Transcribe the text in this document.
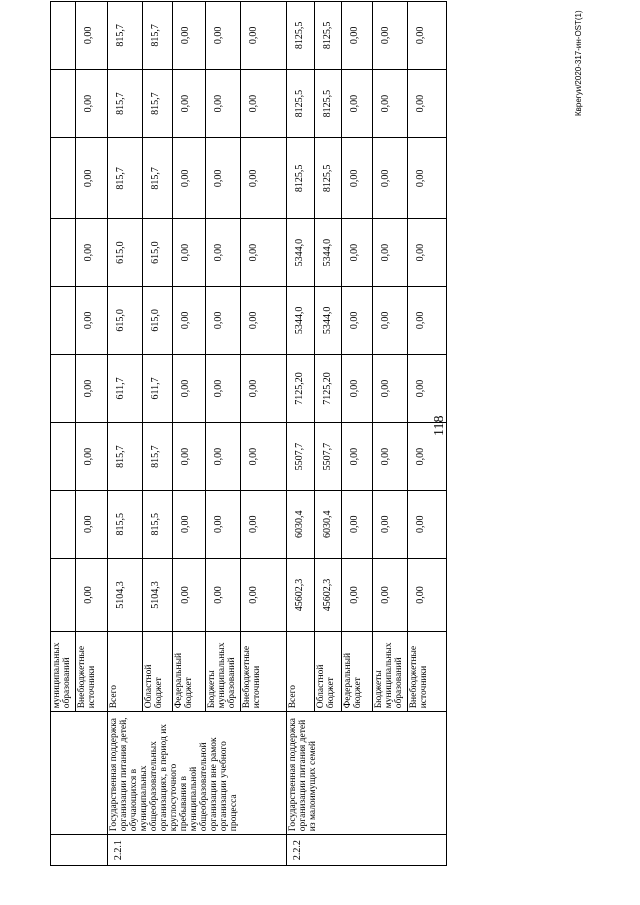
118
Кврегуи/2020-317-ин-OST(1)
		муниципальных образований									
		Внебюджетные источники	0,00	0,00	0,00	0,00	0,00	0,00	0,00	0,00	0,00
2.2.1	Государственная поддержка организации питания детей, обучающихся в муниципальных общеобразовательных организациях, в период их круглосуточного пребывания в муниципальной общеобразовательной организации вне рамок организации учебного процесса	Всего	5104,3	815,5	815,7	611,7	615,0	615,0	815,7	815,7	815,7
		Областной бюджет	5104,3	815,5	815,7	611,7	615,0	615,0	815,7	815,7	815,7
		Федеральный бюджет	0,00	0,00	0,00	0,00	0,00	0,00	0,00	0,00	0,00
		Бюджеты муниципальных образований	0,00	0,00	0,00	0,00	0,00	0,00	0,00	0,00	0,00
		Внебюджетные источники	0,00	0,00	0,00	0,00	0,00	0,00	0,00	0,00	0,00
2.2.2	Государственная поддержка организации питания детей из малоимущих семей	Всего	45602,3	6030,4	5507,7	7125,20	5344,0	5344,0	8125,5	8125,5	8125,5
		Областной бюджет	45602,3	6030,4	5507,7	7125,20	5344,0	5344,0	8125,5	8125,5	8125,5
		Федеральный бюджет	0,00	0,00	0,00	0,00	0,00	0,00	0,00	0,00	0,00
		Бюджеты муниципальных образований	0,00	0,00	0,00	0,00	0,00	0,00	0,00	0,00	0,00
		Внебюджетные источники	0,00	0,00	0,00	0,00	0,00	0,00	0,00	0,00	0,00
